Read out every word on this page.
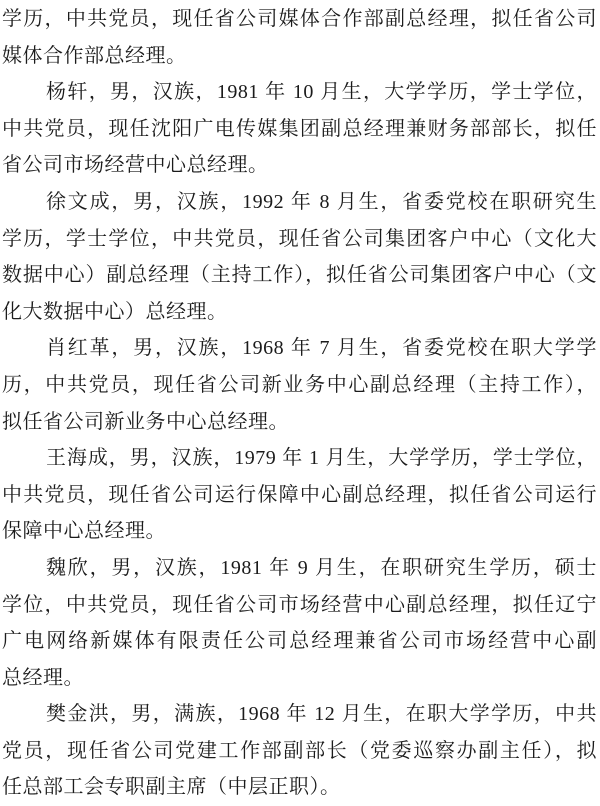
学历，中共党员，现任省公司媒体合作部副总经理，拟任省公司
媒体合作部总经理。
杨轩，男，汉族，1981 年 10 月生，大学学历，学士学位，
中共党员，现任沈阳广电传媒集团副总经理兼财务部部长，拟任
省公司市场经营中心总经理。
徐文成，男，汉族，1992 年 8 月生，省委党校在职研究生
学历，学士学位，中共党员，现任省公司集团客户中心（文化大
数据中心）副总经理（主持工作），拟任省公司集团客户中心（文
化大数据中心）总经理。
肖红革，男，汉族，1968 年 7 月生，省委党校在职大学学
历，中共党员，现任省公司新业务中心副总经理（主持工作），
拟任省公司新业务中心总经理。
王海成，男，汉族，1979 年 1 月生，大学学历，学士学位，
中共党员，现任省公司运行保障中心副总经理，拟任省公司运行
保障中心总经理。
魏欣，男，汉族，1981 年 9 月生，在职研究生学历，硕士
学位，中共党员，现任省公司市场经营中心副总经理，拟任辽宁
广电网络新媒体有限责任公司总经理兼省公司市场经营中心副
总经理。
樊金洪，男，满族，1968 年 12 月生，在职大学学历，中共
党员，现任省公司党建工作部副部长（党委巡察办副主任），拟
任总部工会专职副主席（中层正职）。
